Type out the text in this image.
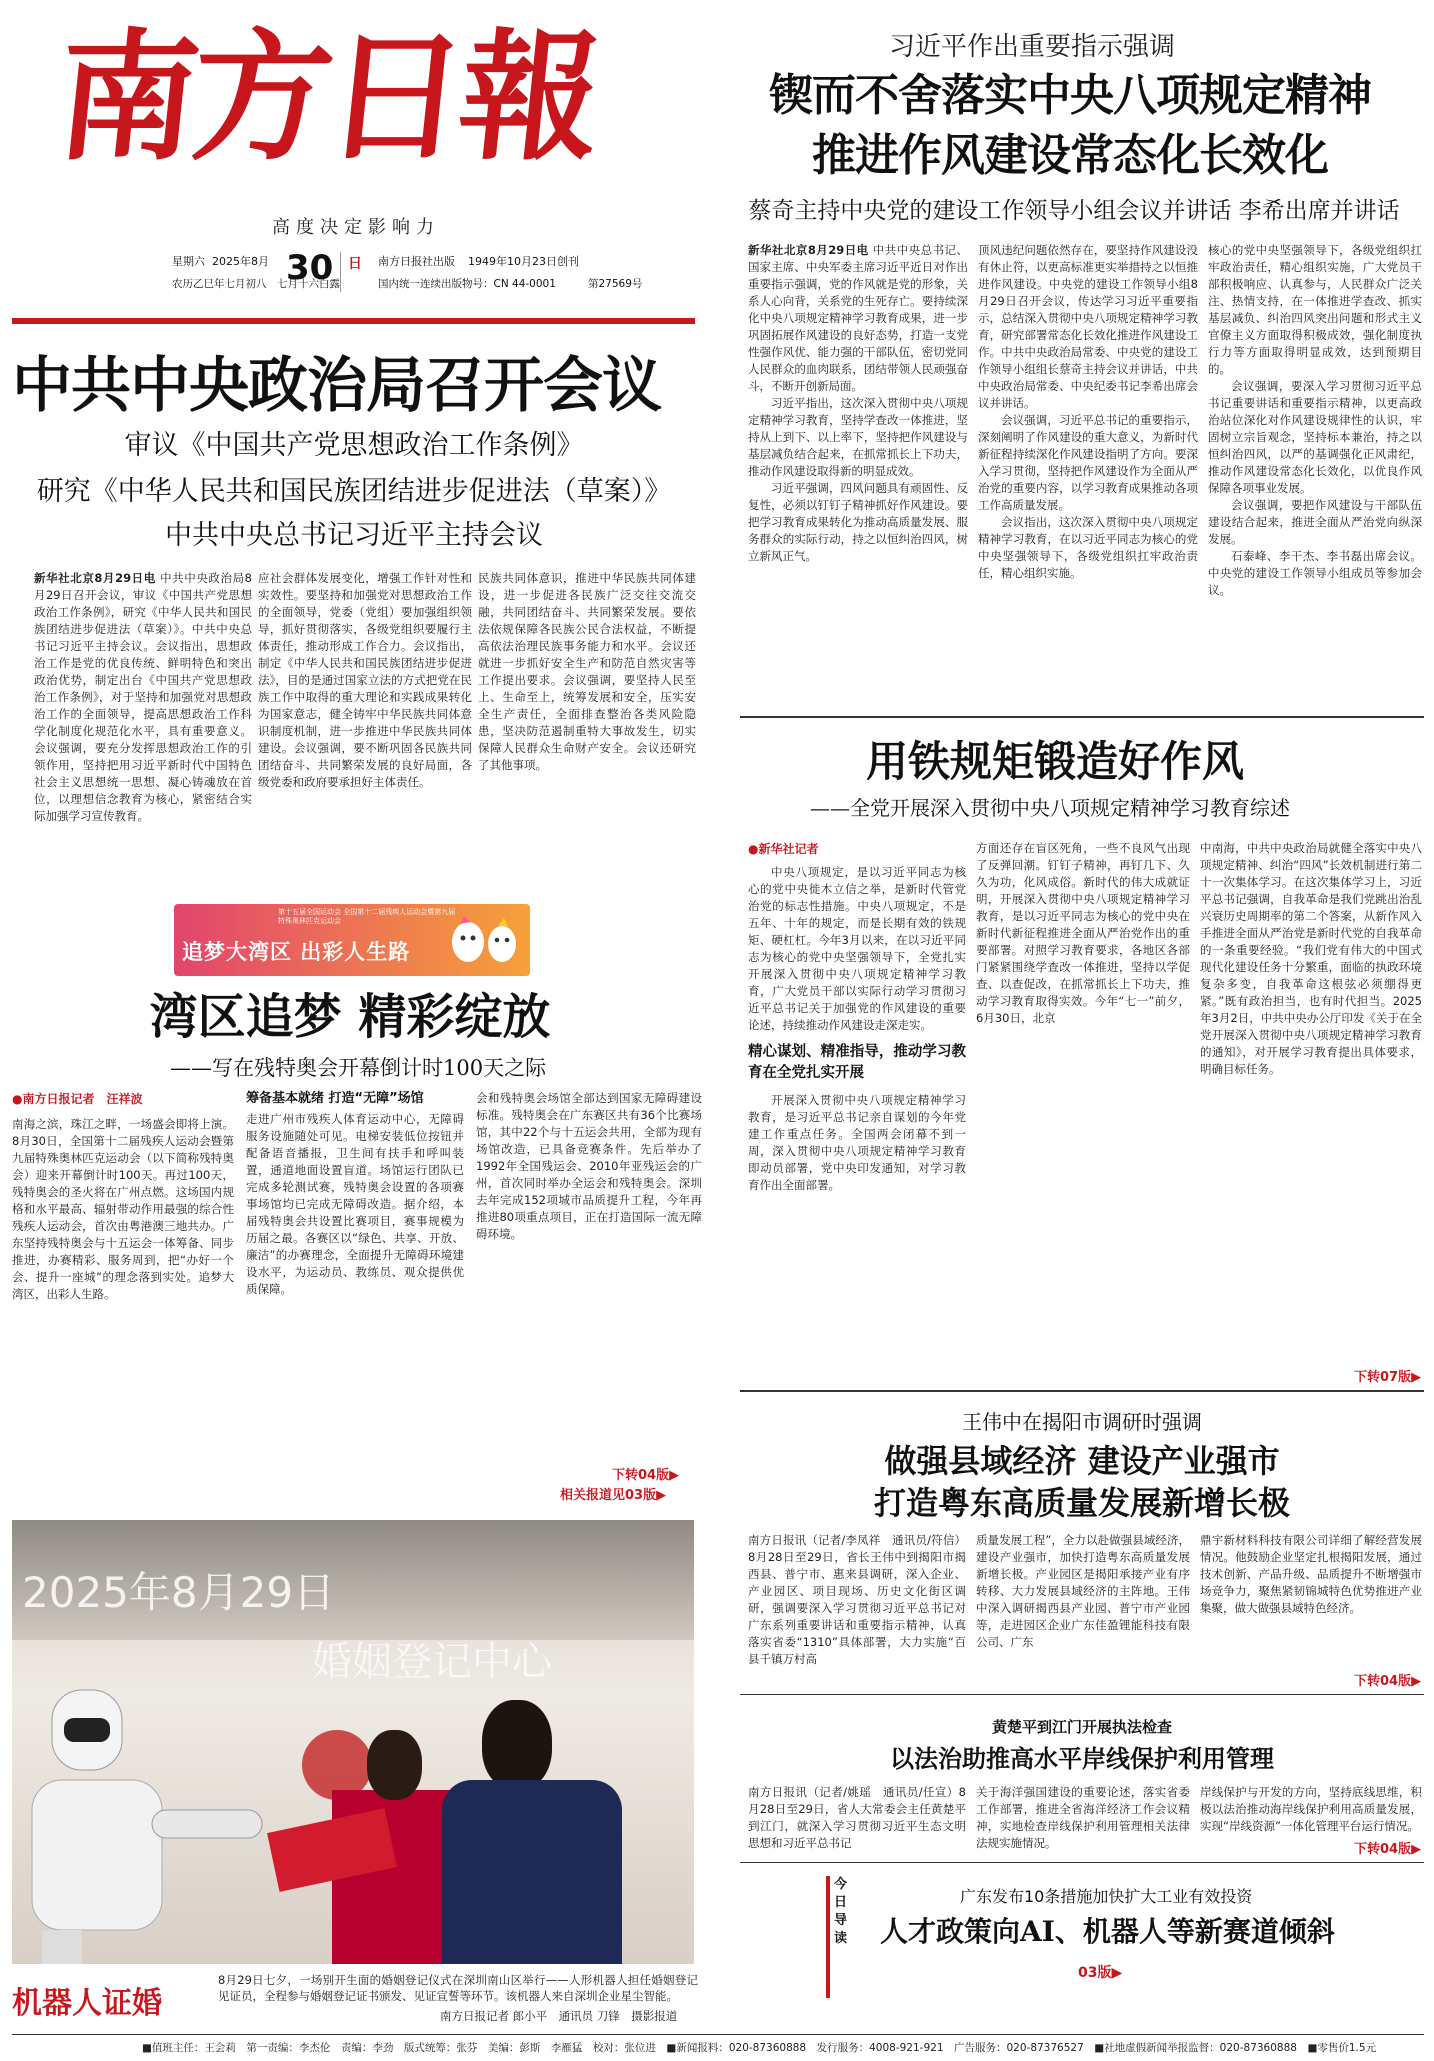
南方日報
高度决定影响力
星期六 2025年8月
农历乙巳年七月初八　七月十六白露
30 日 南方日报社出版 1949年10月23日创刊
国内统一连续出版物号：CN 44-0001	第27569号
习近平作出重要指示强调
锲而不舍落实中央八项规定精神
推进作风建设常态化长效化
蔡奇主持中央党的建设工作领导小组会议并讲话 李希出席并讲话
新华社北京8月29日电 中共中央总书记、国家主席、中央军委主席习近平近日对作出重要指示强调，党的作风就是党的形象，关系人心向背，关系党的生死存亡。要持续深化中央八项规定精神学习教育成果，进一步巩固拓展作风建设的良好态势，打造一支党性强作风优、能力强的干部队伍，密切党同人民群众的血肉联系，团结带领人民顽强奋斗，不断开创新局面。

习近平指出，这次深入贯彻中央八项规定精神学习教育，坚持学查改一体推进，坚持从上到下、以上率下，坚持把作风建设与基层减负结合起来，在抓常抓长上下功夫，推动作风建设取得新的明显成效。

习近平强调，四风问题具有顽固性、反复性，必须以钉钉子精神抓好作风建设。要把学习教育成果转化为推动高质量发展、服务群众的实际行动，持之以恒纠治四风，树立新风正气。

顶风违纪问题依然存在，要坚持作风建设没有休止符，以更高标准更实举措持之以恒推进作风建设。中央党的建设工作领导小组8月29日召开会议，传达学习习近平重要指示，总结深入贯彻中央八项规定精神学习教育，研究部署常态化长效化推进作风建设工作。中共中央政治局常委、中央党的建设工作领导小组组长蔡奇主持会议并讲话，中共中央政治局常委、中央纪委书记李希出席会议并讲话。

会议强调，习近平总书记的重要指示，深刻阐明了作风建设的重大意义，为新时代新征程持续深化作风建设指明了方向。要深入学习贯彻，坚持把作风建设作为全面从严治党的重要内容，以学习教育成果推动各项工作高质量发展。

会议指出，这次深入贯彻中央八项规定精神学习教育，在以习近平同志为核心的党中央坚强领导下，各级党组织扛牢政治责任，精心组织实施。

核心的党中央坚强领导下，各级党组织扛牢政治责任，精心组织实施，广大党员干部积极响应、认真参与，人民群众广泛关注、热情支持，在一体推进学查改、抓实基层减负、纠治四风突出问题和形式主义官僚主义方面取得积极成效，强化制度执行力等方面取得明显成效，达到预期目的。

会议强调，要深入学习贯彻习近平总书记重要讲话和重要指示精神，以更高政治站位深化对作风建设规律性的认识，牢固树立宗旨观念，坚持标本兼治，持之以恒纠治四风，以严的基调强化正风肃纪，推动作风建设常态化长效化，以优良作风保障各项事业发展。

会议强调，要把作风建设与干部队伍建设结合起来，推进全面从严治党向纵深发展。

石泰峰、李干杰、李书磊出席会议。中央党的建设工作领导小组成员等参加会议。

中共中央政治局召开会议
审议《中国共产党思想政治工作条例》
研究《中华人民共和国民族团结进步促进法（草案）》
中共中央总书记习近平主持会议
新华社北京8月29日电 中共中央政治局8月29日召开会议，审议《中国共产党思想政治工作条例》，研究《中华人民共和国民族团结进步促进法（草案）》。中共中央总书记习近平主持会议。会议指出，思想政治工作是党的优良传统、鲜明特色和突出政治优势，制定出台《中国共产党思想政治工作条例》，对于坚持和加强党对思想政治工作的全面领导，提高思想政治工作科学化制度化规范化水平，具有重要意义。会议强调，要充分发挥思想政治工作的引领作用，坚持把用习近平新时代中国特色社会主义思想统一思想、凝心铸魂放在首位，以理想信念教育为核心，紧密结合实际加强学习宣传教育。
应社会群体发展变化，增强工作针对性和实效性。要坚持和加强党对思想政治工作的全面领导，党委（党组）要加强组织领导，抓好贯彻落实，各级党组织要履行主体责任，推动形成工作合力。会议指出，制定《中华人民共和国民族团结进步促进法》，目的是通过国家立法的方式把党在民族工作中取得的重大理论和实践成果转化为国家意志，健全铸牢中华民族共同体意识制度机制，进一步推进中华民族共同体建设。会议强调，要不断巩固各民族共同团结奋斗、共同繁荣发展的良好局面，各级党委和政府要承担好主体责任。
民族共同体意识，推进中华民族共同体建设，进一步促进各民族广泛交往交流交融，共同团结奋斗、共同繁荣发展。要依法依规保障各民族公民合法权益，不断提高依法治理民族事务能力和水平。会议还就进一步抓好安全生产和防范自然灾害等工作提出要求。会议强调，要坚持人民至上、生命至上，统筹发展和安全，压实安全生产责任，全面排查整治各类风险隐患，坚决防范遏制重特大事故发生，切实保障人民群众生命财产安全。会议还研究了其他事项。
第十五届全国运动会 全国第十二届残疾人运动会暨第九届特殊奥林匹克运动会
追梦大湾区 出彩人生路
湾区追梦 精彩绽放
——写在残特奥会开幕倒计时100天之际
●南方日报记者　汪祥波
南海之滨，珠江之畔，一场盛会即将上演。8月30日，全国第十二届残疾人运动会暨第九届特殊奥林匹克运动会（以下简称残特奥会）迎来开幕倒计时100天。再过100天，残特奥会的圣火将在广州点燃。这场国内规格和水平最高、辐射带动作用最强的综合性残疾人运动会，首次由粤港澳三地共办。广东坚持残特奥会与十五运会一体筹备、同步推进，办赛精彩、服务周到，把“办好一个会、提升一座城”的理念落到实处。追梦大湾区，出彩人生路。
筹备基本就绪 打造“无障”场馆
走进广州市残疾人体育运动中心，无障碍服务设施随处可见。电梯安装低位按钮并配备语音播报，卫生间有扶手和呼叫装置，通道地面设置盲道。场馆运行团队已完成多轮测试赛，残特奥会设置的各项赛事场馆均已完成无障碍改造。据介绍，本届残特奥会共设置比赛项目，赛事规模为历届之最。各赛区以“绿色、共享、开放、廉洁”的办赛理念，全面提升无障碍环境建设水平，为运动员、教练员、观众提供优质保障。
会和残特奥会场馆全部达到国家无障碍建设标准。残特奥会在广东赛区共有36个比赛场馆，其中22个与十五运会共用，全部为现有场馆改造，已具备竞赛条件。先后举办了1992年全国残运会、2010年亚残运会的广州，首次同时举办全运会和残特奥会。深圳去年完成152项城市品质提升工程，今年再推进80项重点项目，正在打造国际一流无障碍环境。
下转04版▶
相关报道见03版▶
2025年8月29日
婚姻登记中心
机器人证婚
8月29日七夕，一场别开生面的婚姻登记仪式在深圳南山区举行——人形机器人担任婚姻登记见证员，全程参与婚姻登记证书颁发、见证宣誓等环节。该机器人来自深圳企业星尘智能。
南方日报记者 郎小平　通讯员 刀锋　摄影报道
用铁规矩锻造好作风
——全党开展深入贯彻中央八项规定精神学习教育综述
●新华社记者

中央八项规定，是以习近平同志为核心的党中央徙木立信之举，是新时代管党治党的标志性措施。中央八项规定，不是五年、十年的规定，而是长期有效的铁规矩、硬杠杠。今年3月以来，在以习近平同志为核心的党中央坚强领导下，全党扎实开展深入贯彻中央八项规定精神学习教育，广大党员干部以实际行动学习贯彻习近平总书记关于加强党的作风建设的重要论述，持续推动作风建设走深走实。

精心谋划、精准指导，推动学习教育在全党扎实开展

开展深入贯彻中央八项规定精神学习教育，是习近平总书记亲自谋划的今年党建工作重点任务。全国两会闭幕不到一周，深入贯彻中央八项规定精神学习教育即动员部署，党中央印发通知，对学习教育作出全面部署。

方面还存在盲区死角，一些不良风气出现了反弹回潮。钉钉子精神，再钉几下、久久为功，化风成俗。新时代的伟大成就证明，开展深入贯彻中央八项规定精神学习教育，是以习近平同志为核心的党中央在新时代新征程推进全面从严治党作出的重要部署。对照学习教育要求，各地区各部门紧紧围绕学查改一体推进，坚持以学促查、以查促改，在抓常抓长上下功夫，推动学习教育取得实效。今年“七一”前夕，6月30日，北京
中南海，中共中央政治局就健全落实中央八项规定精神、纠治“四风”长效机制进行第二十一次集体学习。在这次集体学习上，习近平总书记强调，自我革命是我们党跳出治乱兴衰历史周期率的第二个答案，从新作风入手推进全面从严治党是新时代党的自我革命的一条重要经验。“我们党有伟大的中国式现代化建设任务十分繁重，面临的执政环境复杂多变，自我革命这根弦必须绷得更紧。”既有政治担当，也有时代担当。2025年3月2日，中共中央办公厅印发《关于在全党开展深入贯彻中央八项规定精神学习教育的通知》，对开展学习教育提出具体要求，明确目标任务。
下转07版▶
王伟中在揭阳市调研时强调
做强县域经济 建设产业强市
打造粤东高质量发展新增长极
南方日报讯（记者/李凤祥　通讯员/符信）8月28日至29日，省长王伟中到揭阳市揭西县、普宁市、惠来县调研，深入企业、产业园区、项目现场、历史文化街区调研，强调要深入学习贯彻习近平总书记对广东系列重要讲话和重要指示精神，认真落实省委“1310”具体部署，大力实施“百县千镇万村高
质量发展工程”，全力以赴做强县域经济，建设产业强市，加快打造粤东高质量发展新增长极。产业园区是揭阳承接产业有序转移、大力发展县域经济的主阵地。王伟中深入调研揭西县产业园、普宁市产业园等，走进园区企业广东佳盈锂能科技有限公司、广东
鼎宇新材料科技有限公司详细了解经营发展情况。他鼓励企业坚定扎根揭阳发展，通过技术创新、产品升级、品质提升不断增强市场竞争力，聚焦紧韧锦城特色优势推进产业集聚，做大做强县域特色经济。
下转04版▶
黄楚平到江门开展执法检查
以法治助推高水平岸线保护利用管理
南方日报讯（记者/姚瑶　通讯员/任宣）8月28日至29日，省人大常委会主任黄楚平到江门，就深入学习贯彻习近平生态文明思想和习近平总书记
关于海洋强国建设的重要论述，落实省委工作部署，推进全省海洋经济工作会议精神，实地检查岸线保护利用管理相关法律法规实施情况。
岸线保护与开发的方向，坚持底线思维，积极以法治推动海岸线保护利用高质量发展，实现“岸线资源”一体化管理平台运行情况。
下转04版▶
今日导读
广东发布10条措施加快扩大工业有效投资
人才政策向AI、机器人等新赛道倾斜
03版▶
■值班主任：王会莉　第一责编：李杰伦　责编：李劲　版式统筹：张芬　美编：彭斯　李雁猛　校对：张位进　■新闻报料：020-87360888　发行服务：4008-921-921　广告服务：020-87376527　■社地虚假新闻举报监督：020-87360888　■零售价1.5元
